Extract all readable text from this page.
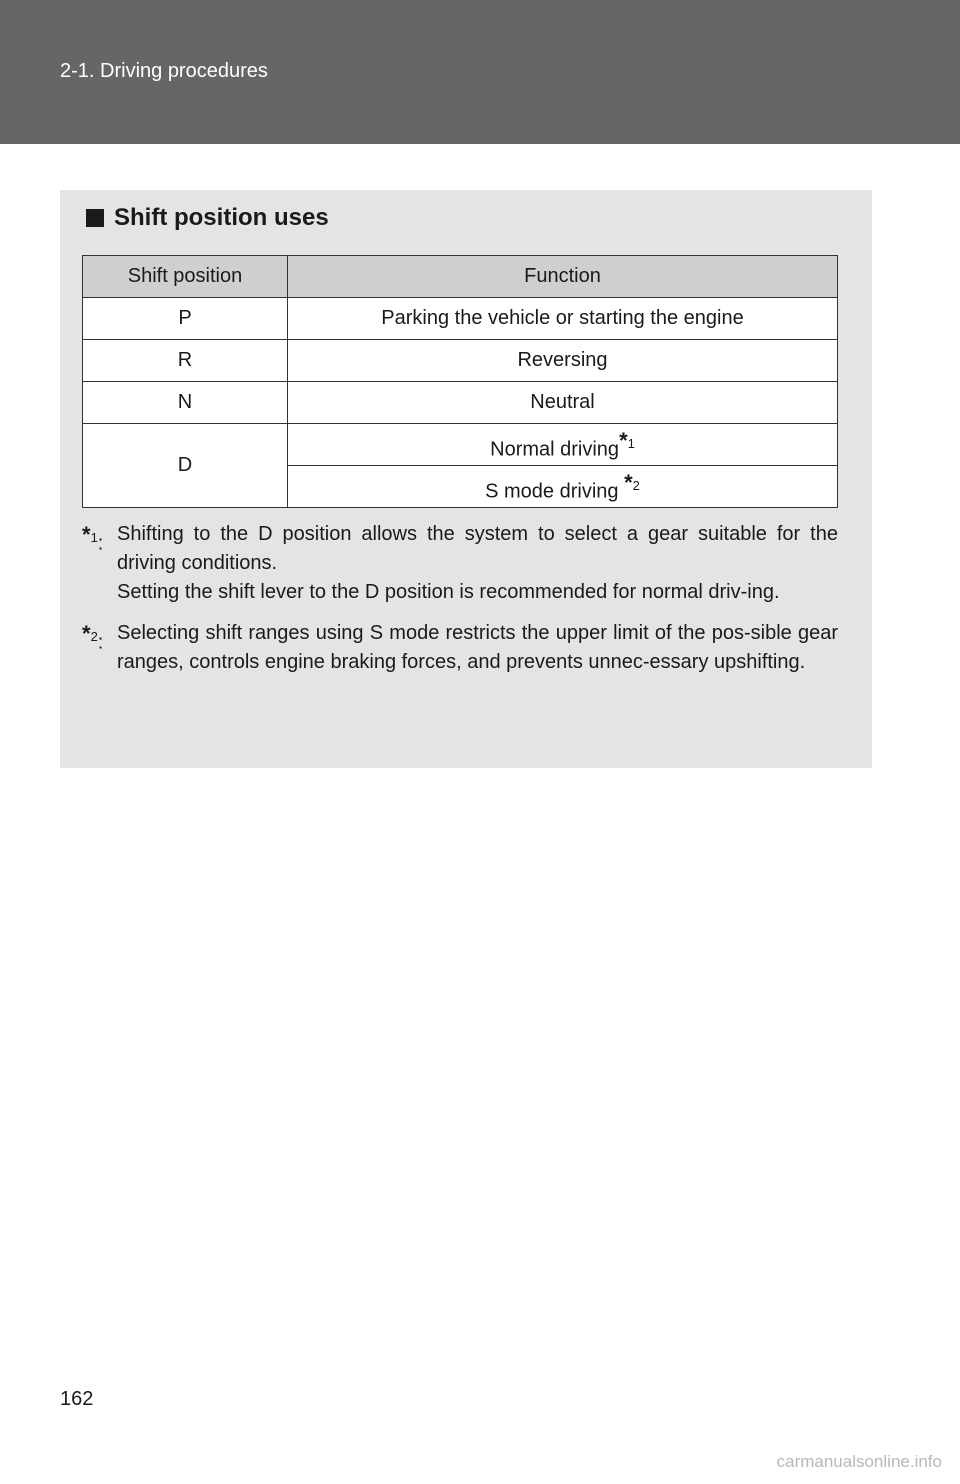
2-1. Driving procedures
Shift position uses
Shift position	Function
P	Parking the vehicle or starting the engine
R	Reversing
N	Neutral
D	Normal driving$^{*1}$
	S mode driving $^{*2}$
$^{*1}$: Shifting to the D position allows the system to select a gear suitable for the driving conditions.
Setting the shift lever to the D position is recommended for normal driv-ing.
$^{*2}$: Selecting shift ranges using S mode restricts the upper limit of the pos-sible gear ranges, controls engine braking forces, and prevents unnec-essary upshifting.
162
carmanualsonline.info
